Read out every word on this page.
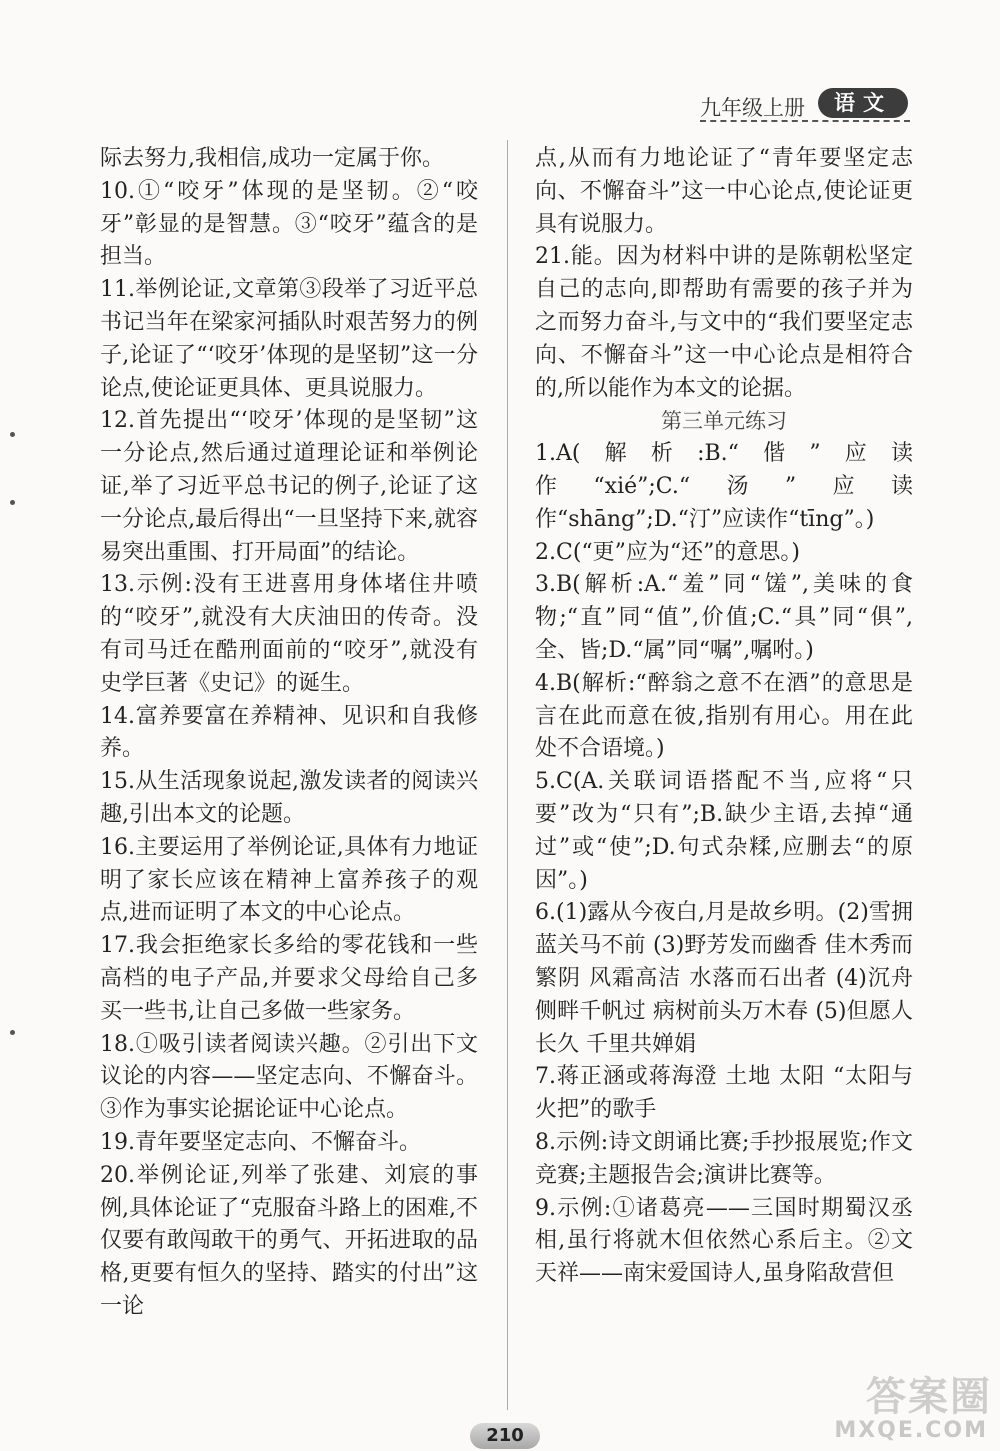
九年级上册	语文

际去努力,我相信,成功一定属于你。

10.①“咬牙”体现的是坚韧。②“咬牙”彰显的是智慧。③“咬牙”蕴含的是担当。

11.举例论证,文章第③段举了习近平总书记当年在梁家河插队时艰苦努力的例子,论证了“‘咬牙’体现的是坚韧”这一分论点,使论证更具体、更具说服力。

12.首先提出“‘咬牙’体现的是坚韧”这一分论点,然后通过道理论证和举例论证,举了习近平总书记的例子,论证了这一分论点,最后得出“一旦坚持下来,就容易突出重围、打开局面”的结论。

13.示例:没有王进喜用身体堵住井喷的“咬牙”,就没有大庆油田的传奇。没有司马迁在酷刑面前的“咬牙”,就没有史学巨著《史记》的诞生。

14.富养要富在养精神、见识和自我修养。

15.从生活现象说起,激发读者的阅读兴趣,引出本文的论题。

16.主要运用了举例论证,具体有力地证明了家长应该在精神上富养孩子的观点,进而证明了本文的中心论点。

17.我会拒绝家长多给的零花钱和一些高档的电子产品,并要求父母给自己多买一些书,让自己多做一些家务。

18.①吸引读者阅读兴趣。②引出下文议论的内容——坚定志向、不懈奋斗。③作为事实论据论证中心论点。

19.青年要坚定志向、不懈奋斗。

20.举例论证,列举了张建、刘宸的事例,具体论证了“克服奋斗路上的困难,不仅要有敢闯敢干的勇气、开拓进取的品格,更要有恒久的坚持、踏实的付出”这一论

点,从而有力地论证了“青年要坚定志向、不懈奋斗”这一中心论点,使论证更具有说服力。

21.能。因为材料中讲的是陈朝松坚定自己的志向,即帮助有需要的孩子并为之而努力奋斗,与文中的“我们要坚定志向、不懈奋斗”这一中心论点是相符合的,所以能作为本文的论据。

第三单元练习

1.A(解析:B.“偕”应读作“xié”;C.“汤”应读作“shāng”;D.“汀”应读作“tīng”。)

2.C(“更”应为“还”的意思。)

3.B(解析:A.“羞”同“馐”,美味的食物;“直”同“值”,价值;C.“具”同“俱”,全、皆;D.“属”同“嘱”,嘱咐。)

4.B(解析:“醉翁之意不在酒”的意思是言在此而意在彼,指别有用心。用在此处不合语境。)

5.C(A.关联词语搭配不当,应将“只要”改为“只有”;B.缺少主语,去掉“通过”或“使”;D.句式杂糅,应删去“的原因”。)

6.(1)露从今夜白,月是故乡明。(2)雪拥蓝关马不前 (3)野芳发而幽香 佳木秀而繁阴 风霜高洁 水落而石出者 (4)沉舟侧畔千帆过 病树前头万木春 (5)但愿人长久 千里共婵娟

7.蒋正涵或蒋海澄 土地 太阳 “太阳与火把”的歌手

8.示例:诗文朗诵比赛;手抄报展览;作文竞赛;主题报告会;演讲比赛等。

9.示例:①诸葛亮——三国时期蜀汉丞相,虽行将就木但依然心系后主。②文天祥——南宋爱国诗人,虽身陷敌营但

210
答案圈
MXQE.COM
